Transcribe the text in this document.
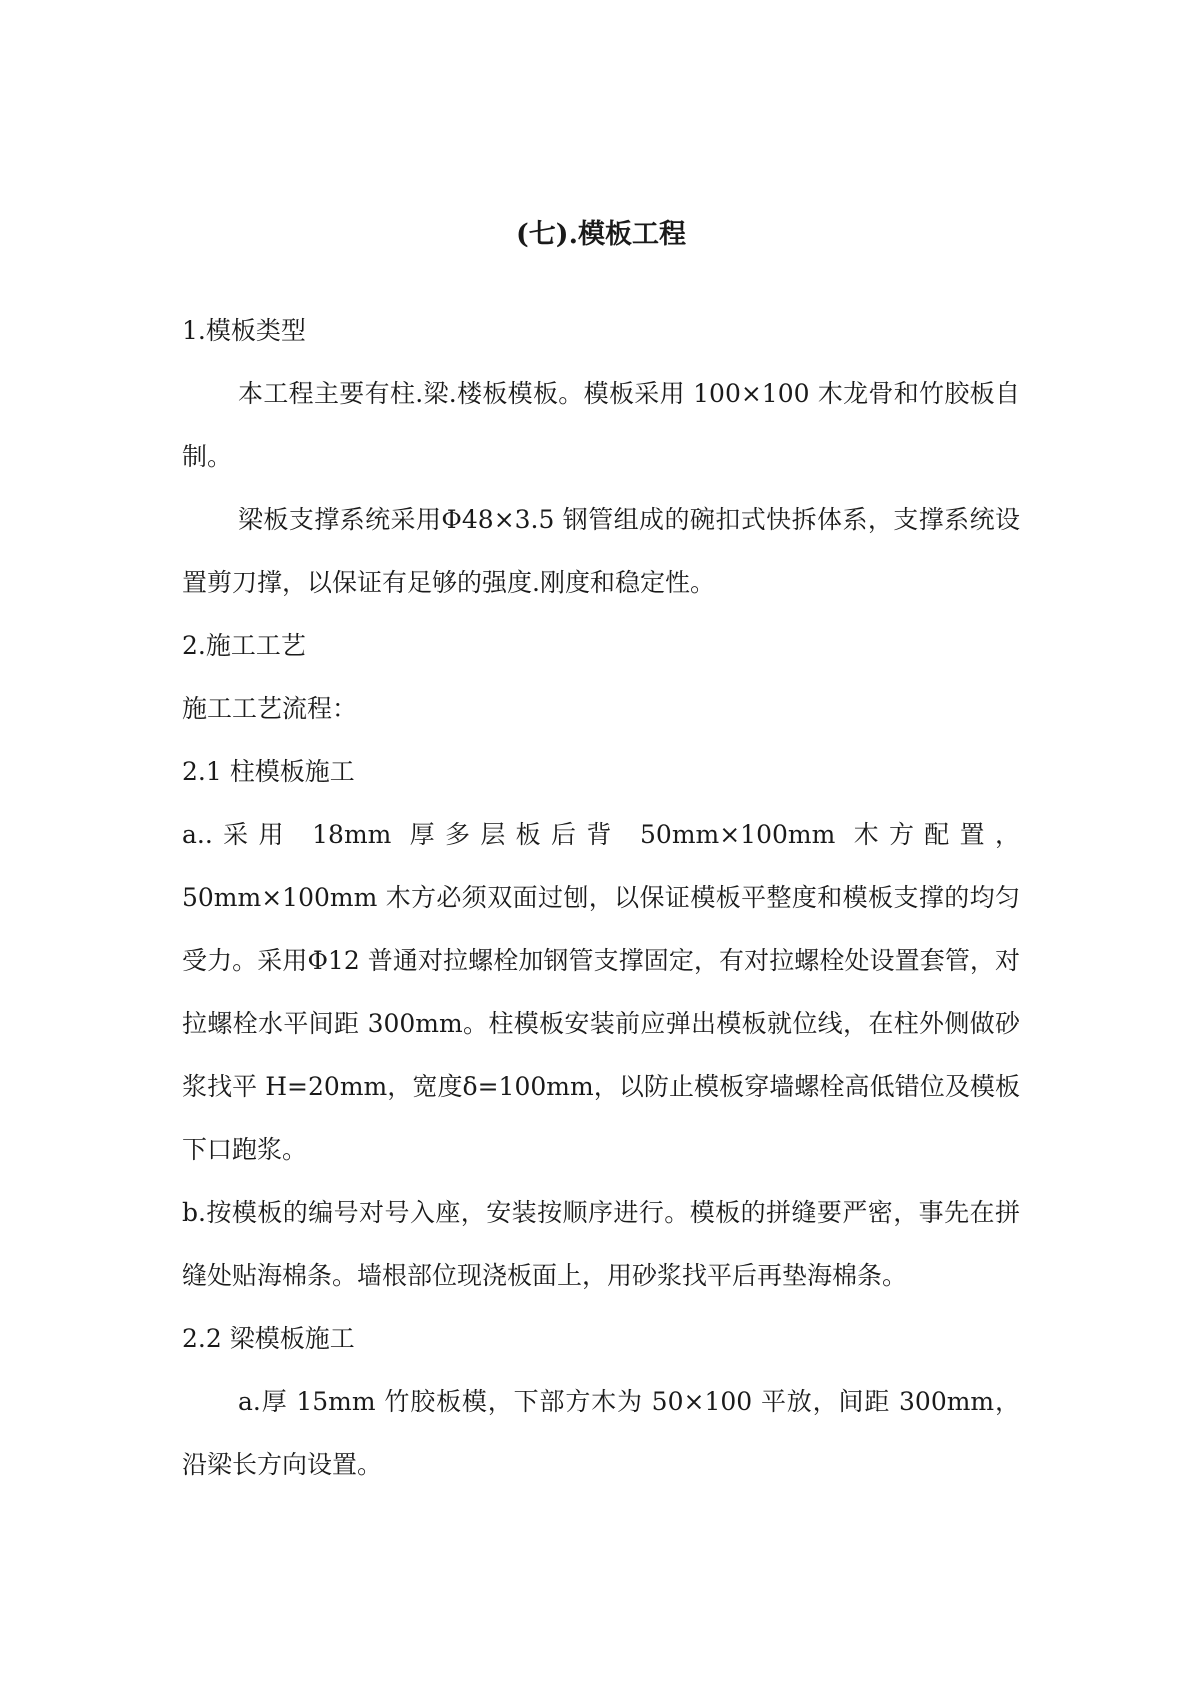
(七).模板工程

1.模板类型

本工程主要有柱.梁.楼板模板。模板采用 100×100 木龙骨和竹胶板自制。

梁板支撑系统采用Φ48×3.5 钢管组成的碗扣式快拆体系，支撑系统设置剪刀撑，以保证有足够的强度.刚度和稳定性。

2.施工工艺

施工工艺流程：

2.1 柱模板施工

a..采用 18mm 厚多层板后背 50mm×100mm 木方配置，50mm×100mm 木方必须双面过刨，以保证模板平整度和模板支撑的均匀受力。采用Φ12 普通对拉螺栓加钢管支撑固定，有对拉螺栓处设置套管，对拉螺栓水平间距 300mm。柱模板安装前应弹出模板就位线，在柱外侧做砂浆找平 H=20mm，宽度δ=100mm，以防止模板穿墙螺栓高低错位及模板下口跑浆。

b.按模板的编号对号入座，安装按顺序进行。模板的拼缝要严密，事先在拼缝处贴海棉条。墙根部位现浇板面上，用砂浆找平后再垫海棉条。

2.2 梁模板施工

a.厚 15mm 竹胶板模，下部方木为 50×100 平放，间距 300mm，沿梁长方向设置。
